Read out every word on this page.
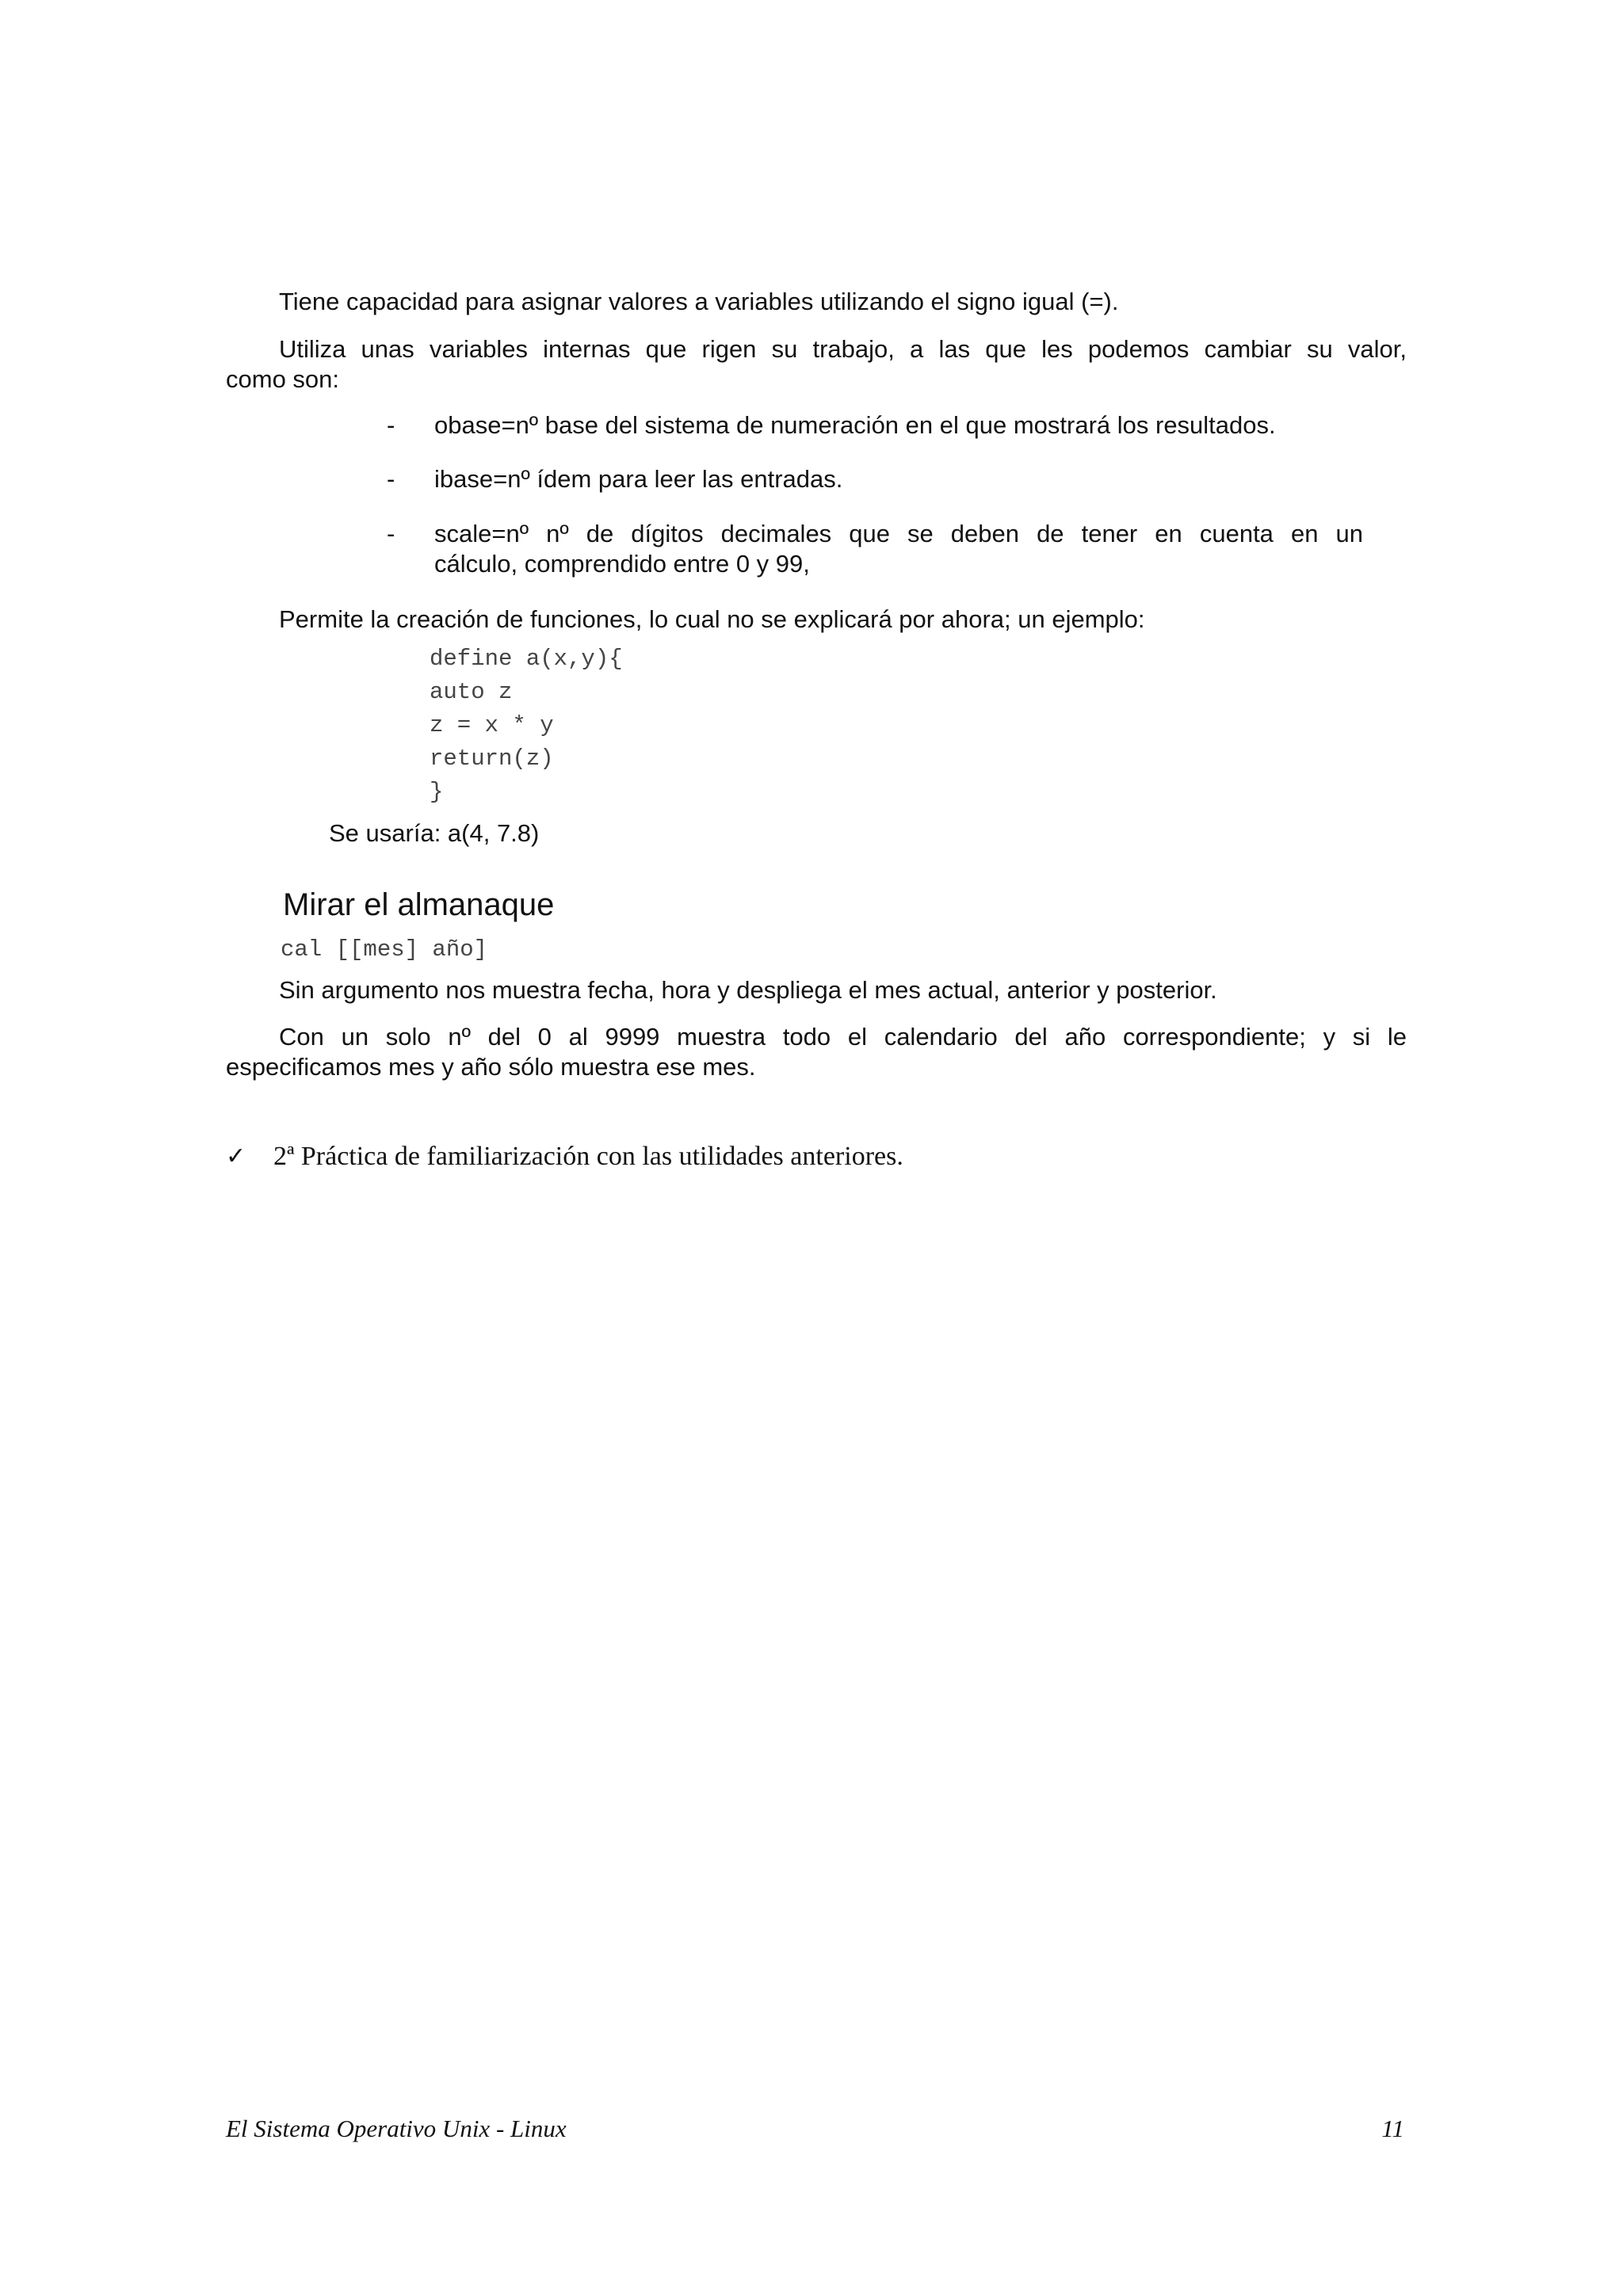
Tiene capacidad para asignar valores a variables utilizando el signo igual (=).

Utiliza unas variables internas que rigen su trabajo, a las que les podemos cambiar su valor,
como son:
- obase=nº base del sistema de numeración en el que mostrará los resultados.
- ibase=nº ídem para leer las entradas.
- scale=nº nº de dígitos decimales que se deben de tener en cuenta en un
cálculo, comprendido entre 0 y 99,

Permite la creación de funciones, lo cual no se explicará por ahora; un ejemplo:

define a(x,y){

auto z

z = x * y

return(z)

}

Se usaría: a(4, 7.8)

Mirar el almanaque

cal [[mes] año]

Sin argumento nos muestra fecha, hora y despliega el mes actual, anterior y posterior.

Con un solo nº del 0 al 9999 muestra todo el calendario del año correspondiente; y si le
especificamos mes y año sólo muestra ese mes.
✓ 2ª Práctica de familiarización con las utilidades anteriores.
El Sistema Operativo Unix - Linux	11
